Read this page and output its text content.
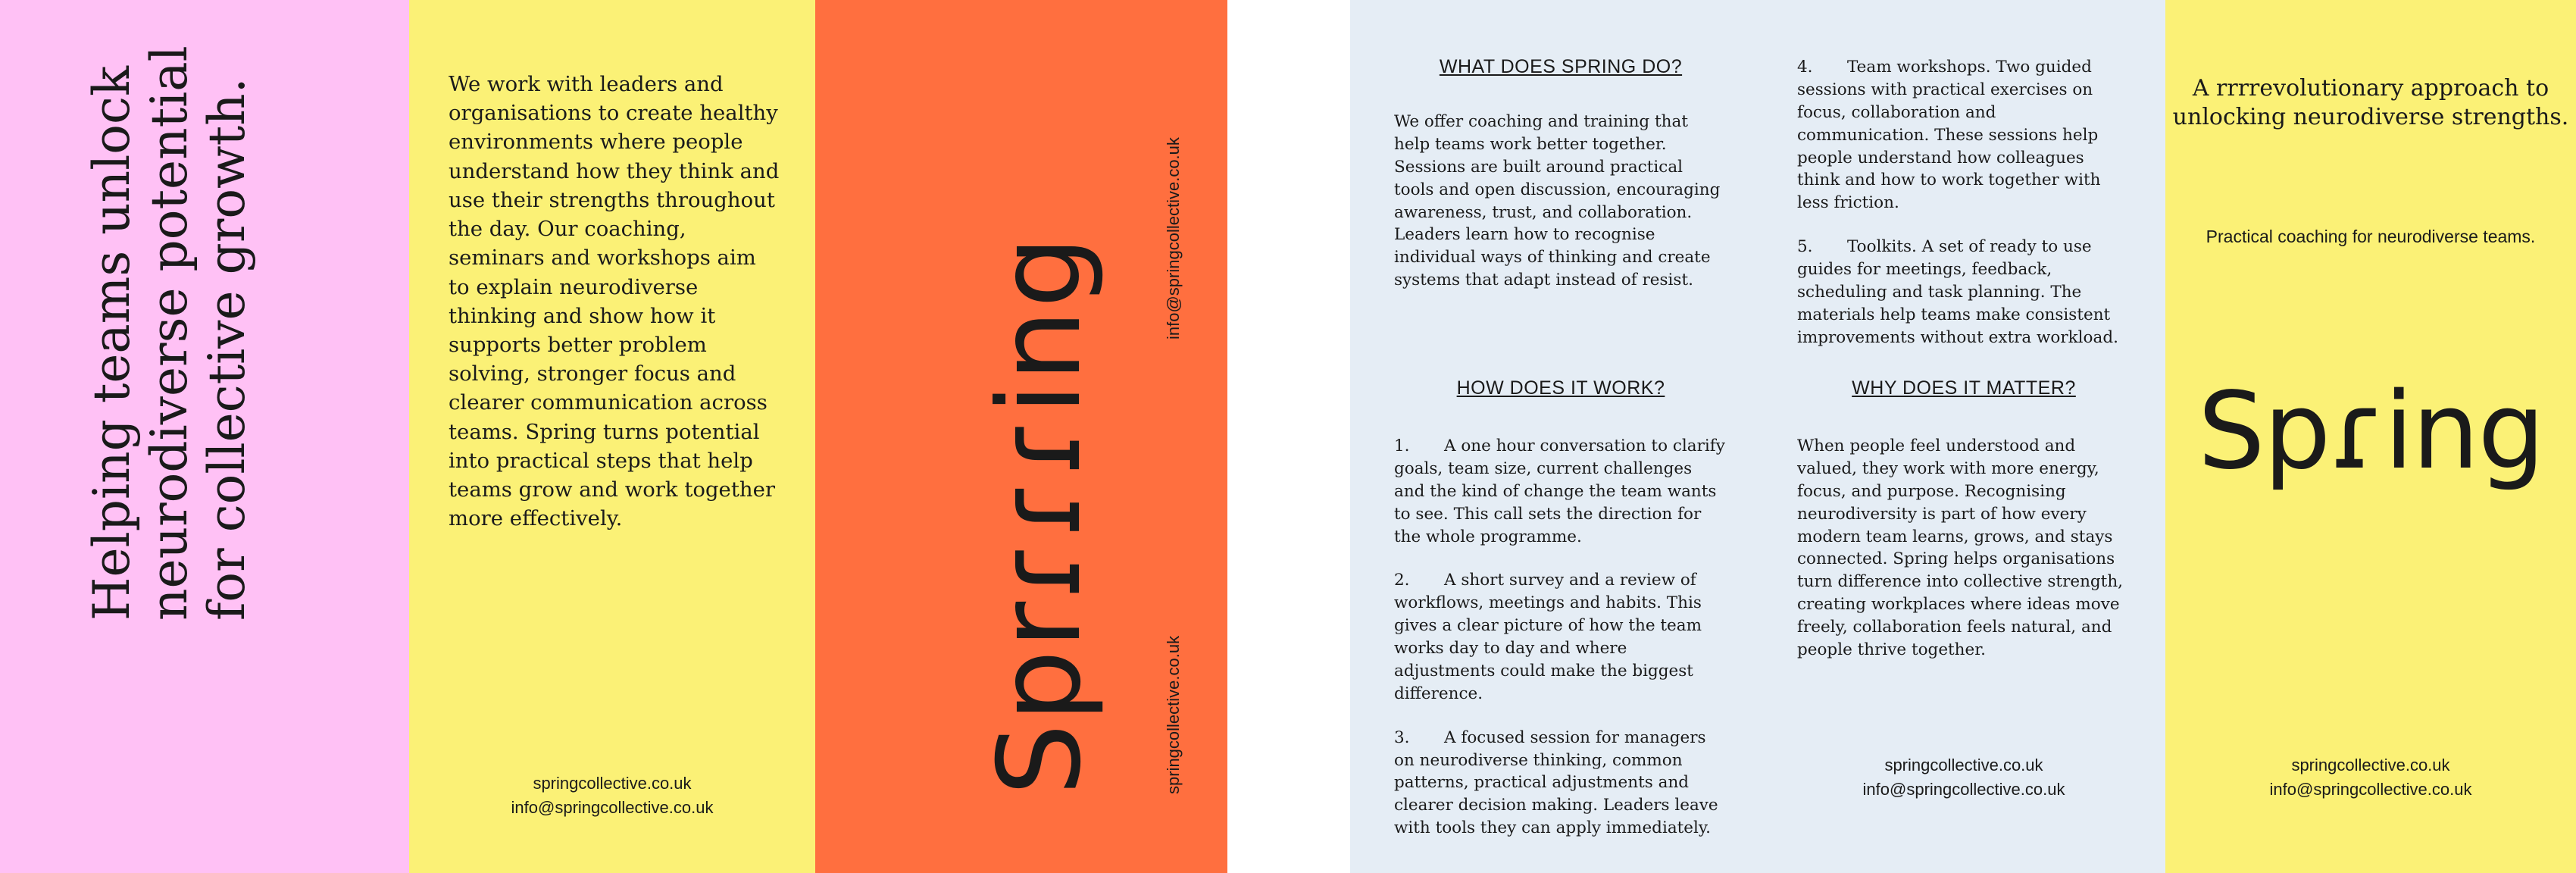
Helping teams unlock
neurodiverse potential
for collective growth.	We work with leaders and organisations to create healthy environments where people understand how they think and use their strengths throughout the day. Our coaching, seminars and workshops aim to explain neurodiverse thinking and show how it supports better problem solving, stronger focus and clearer communication across teams. Spring turns potential into practical steps that help teams grow and work together more effectively.
springcollective.co.uk
info@springcollective.co.uk
Sprɾɾɾing	info@springcollective.co.uk
springcollective.co.uk
WHAT DOES SPRING DO?
We offer coaching and training that help teams work better together. Sessions are built around practical tools and open discussion, encouraging awareness, trust, and collaboration. Leaders learn how to recognise individual ways of thinking and create systems that adapt instead of resist.
HOW DOES IT WORK?
1. A one hour conversation to clarify goals, team size, current challenges and the kind of change the team wants to see. This call sets the direction for the whole programme.
2. A short survey and a review of workflows, meetings and habits. This gives a clear picture of how the team works day to day and where adjustments could make the biggest difference.
3. A focused session for managers on neurodiverse thinking, common patterns, practical adjustments and clearer decision making. Leaders leave with tools they can apply immediately.
4. Team workshops. Two guided sessions with practical exercises on focus, collaboration and communication. These sessions help people understand how colleagues think and how to work together with less friction.
5. Toolkits. A set of ready to use guides for meetings, feedback, scheduling and task planning. The materials help teams make consistent improvements without extra workload.
WHY DOES IT MATTER?
When people feel understood and valued, they work with more energy, focus, and purpose. Recognising neurodiversity is part of how every modern team learns, grows, and stays connected. Spring helps organisations turn difference into collective strength, creating workplaces where ideas move freely, collaboration feels natural, and people thrive together.
springcollective.co.uk
info@springcollective.co.uk
A rrrrevolutionary approach to unlocking neurodiverse strengths.
Practical coaching for neurodiverse teams.
Spɾing
springcollective.co.uk
info@springcollective.co.uk
